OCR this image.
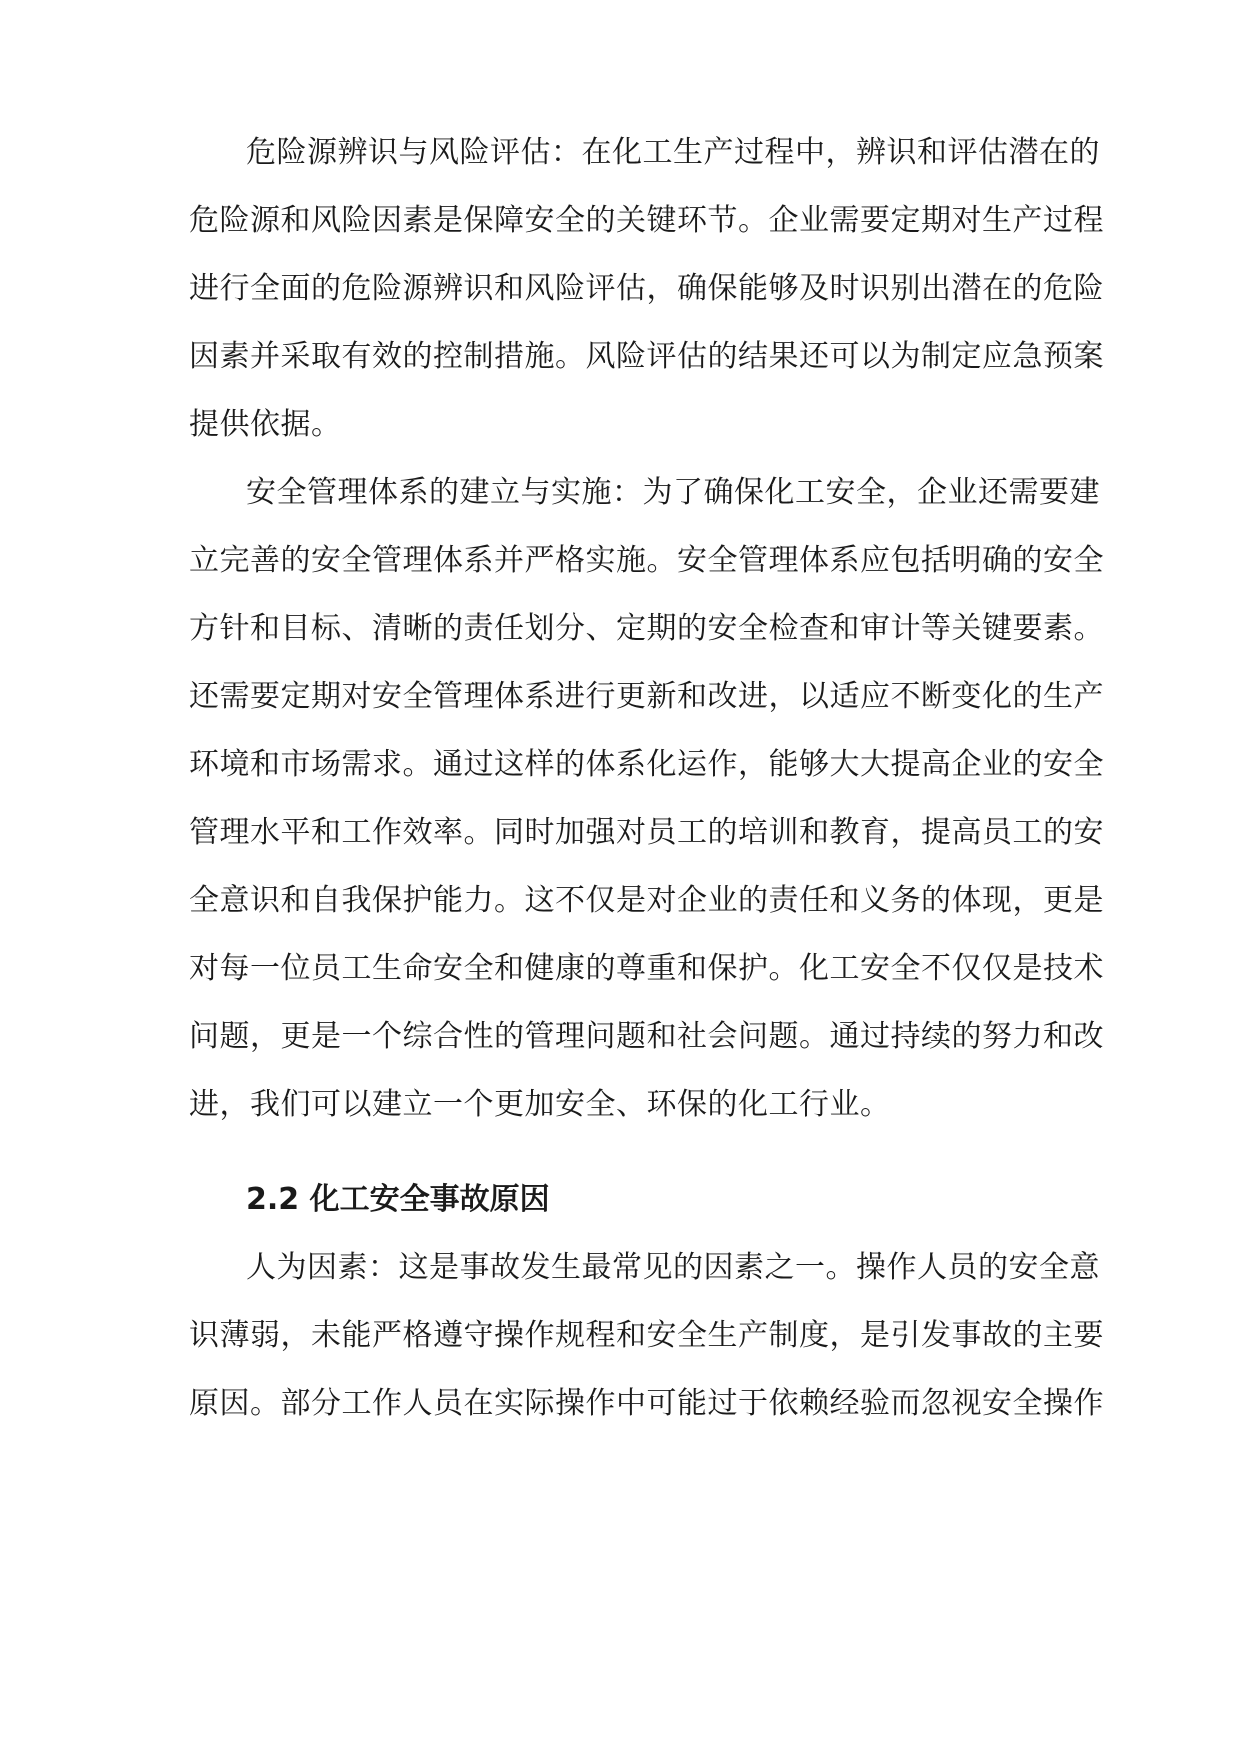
危险源辨识与风险评估：在化工生产过程中，辨识和评估潜在的
危险源和风险因素是保障安全的关键环节。企业需要定期对生产过程
进行全面的危险源辨识和风险评估，确保能够及时识别出潜在的危险
因素并采取有效的控制措施。风险评估的结果还可以为制定应急预案
提供依据。
安全管理体系的建立与实施：为了确保化工安全，企业还需要建
立完善的安全管理体系并严格实施。安全管理体系应包括明确的安全
方针和目标、清晰的责任划分、定期的安全检查和审计等关键要素。
还需要定期对安全管理体系进行更新和改进，以适应不断变化的生产
环境和市场需求。通过这样的体系化运作，能够大大提高企业的安全
管理水平和工作效率。同时加强对员工的培训和教育，提高员工的安
全意识和自我保护能力。这不仅是对企业的责任和义务的体现，更是
对每一位员工生命安全和健康的尊重和保护。化工安全不仅仅是技术
问题，更是一个综合性的管理问题和社会问题。通过持续的努力和改
进，我们可以建立一个更加安全、环保的化工行业。
2.2 化工安全事故原因
人为因素：这是事故发生最常见的因素之一。操作人员的安全意
识薄弱，未能严格遵守操作规程和安全生产制度，是引发事故的主要
原因。部分工作人员在实际操作中可能过于依赖经验而忽视安全操作
